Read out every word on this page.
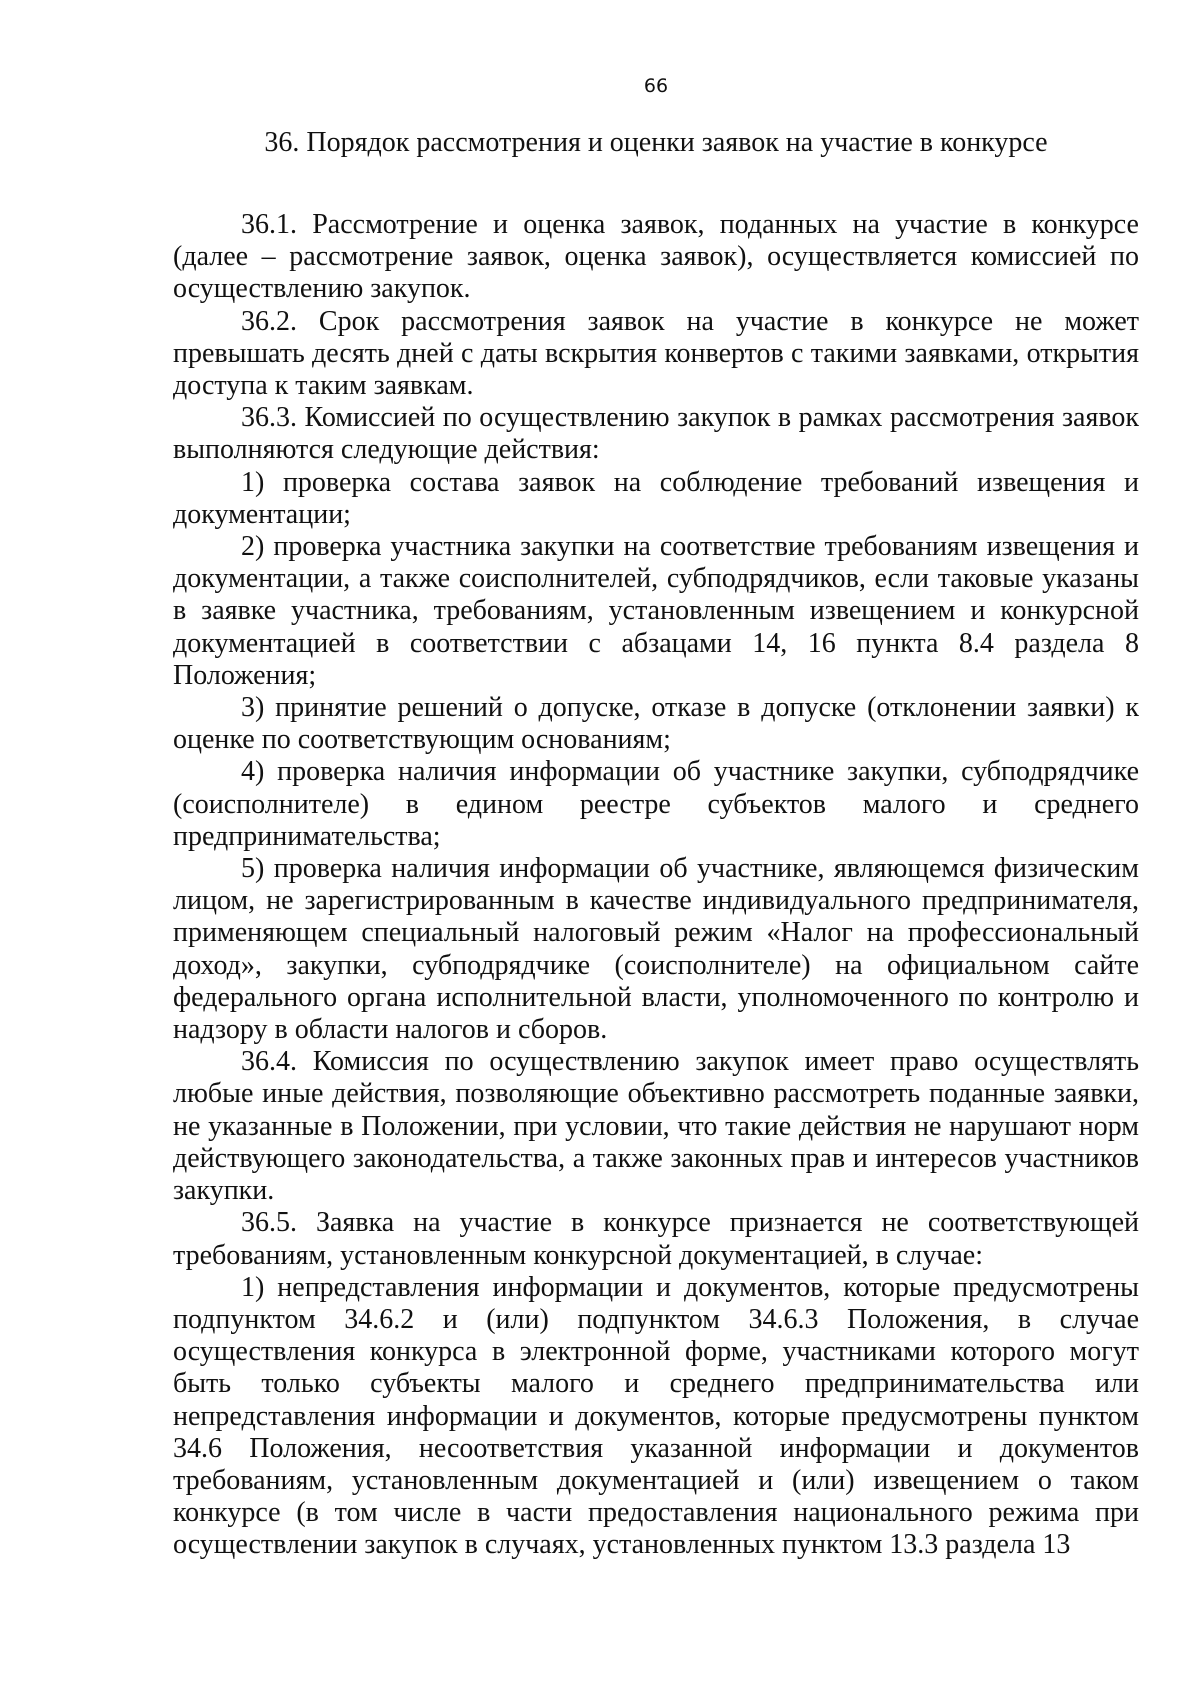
66
36. Порядок рассмотрения и оценки заявок на участие в конкурсе

36.1. Рассмотрение и оценка заявок, поданных на участие в конкурсе (далее – рассмотрение заявок, оценка заявок), осуществляется комиссией по осуществлению закупок.

36.2. Срок рассмотрения заявок на участие в конкурсе не может превышать десять дней с даты вскрытия конвертов с такими заявками, открытия доступа к таким заявкам.

36.3. Комиссией по осуществлению закупок в рамках рассмотрения заявок выполняются следующие действия:

1) проверка состава заявок на соблюдение требований извещения и документации;

2) проверка участника закупки на соответствие требованиям извещения и документации, а также соисполнителей, субподрядчиков, если таковые указаны в заявке участника, требованиям, установленным извещением и конкурсной документацией в соответствии с абзацами 14, 16 пункта 8.4 раздела 8 Положения;

3) принятие решений о допуске, отказе в допуске (отклонении заявки) к оценке по соответствующим основаниям;

4) проверка наличия информации об участнике закупки, субподрядчике (соисполнителе) в едином реестре субъектов малого и среднего предпринимательства;

5) проверка наличия информации об участнике, являющемся физическим лицом, не зарегистрированным в качестве индивидуального предпринимателя, применяющем специальный налоговый режим «Налог на профессиональный доход», закупки, субподрядчике (соисполнителе) на официальном сайте федерального органа исполнительной власти, уполномоченного по контролю и надзору в области налогов и сборов.

36.4. Комиссия по осуществлению закупок имеет право осуществлять любые иные действия, позволяющие объективно рассмотреть поданные заявки, не указанные в Положении, при условии, что такие действия не нарушают норм действующего законодательства, а также законных прав и интересов участников закупки.

36.5. Заявка на участие в конкурсе признается не соответствующей требованиям, установленным конкурсной документацией, в случае:

1) непредставления информации и документов, которые предусмотрены подпунктом 34.6.2 и (или) подпунктом 34.6.3 Положения, в случае осуществления конкурса в электронной форме, участниками которого могут быть только субъекты малого и среднего предпринимательства или непредставления информации и документов, которые предусмотрены пунктом 34.6 Положения, несоответствия указанной информации и документов требованиям, установленным документацией и (или) извещением о таком конкурсе (в том числе в части предоставления национального режима при осуществлении закупок в случаях, установленных пунктом 13.3 раздела 13
